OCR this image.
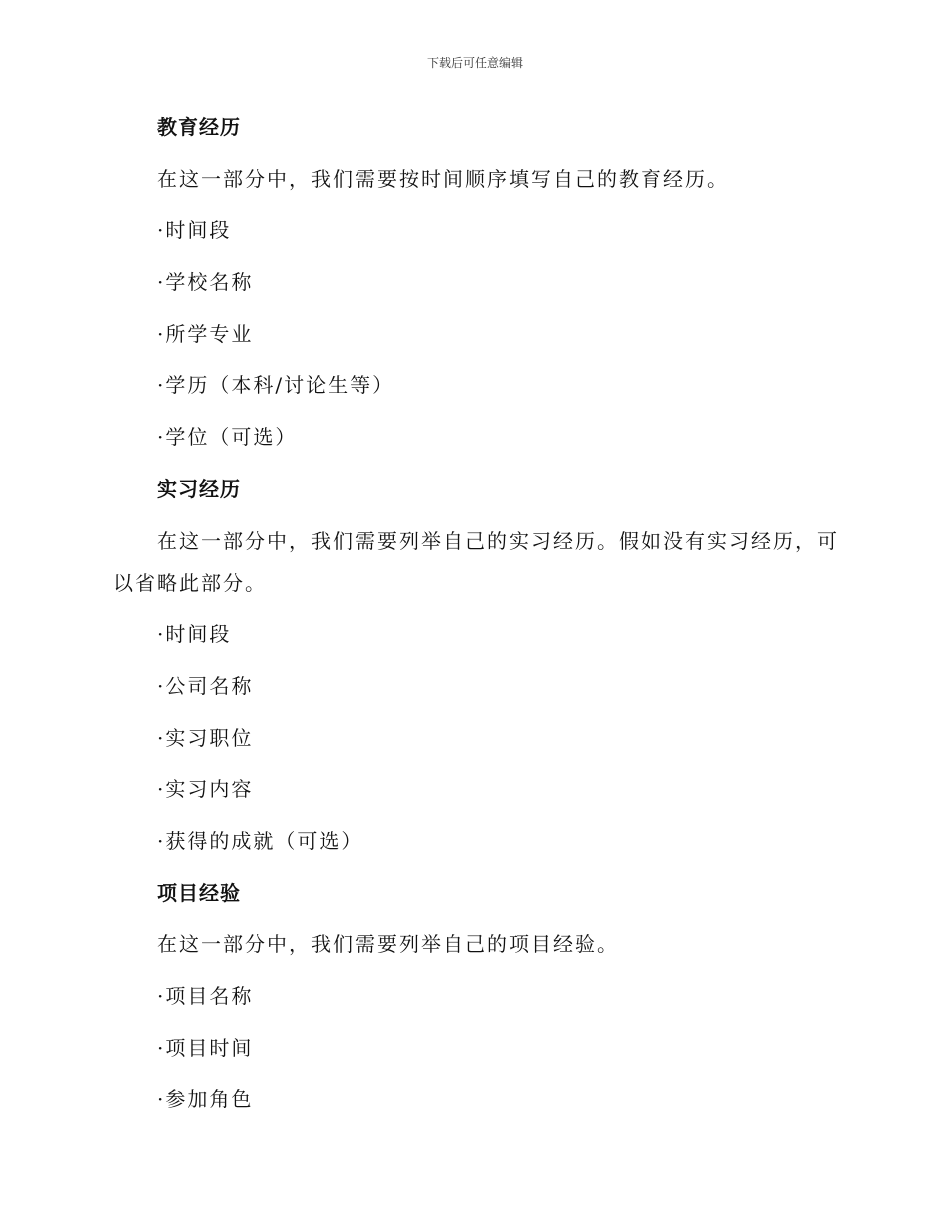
下载后可任意编辑
教育经历
在这一部分中，我们需要按时间顺序填写自己的教育经历。
·时间段
·学校名称
·所学专业
·学历（本科/讨论生等）
·学位（可选）
实习经历
在这一部分中，我们需要列举自己的实习经历。假如没有实习经历，可
以省略此部分。
·时间段
·公司名称
·实习职位
·实习内容
·获得的成就（可选）
项目经验
在这一部分中，我们需要列举自己的项目经验。
·项目名称
·项目时间
·参加角色
